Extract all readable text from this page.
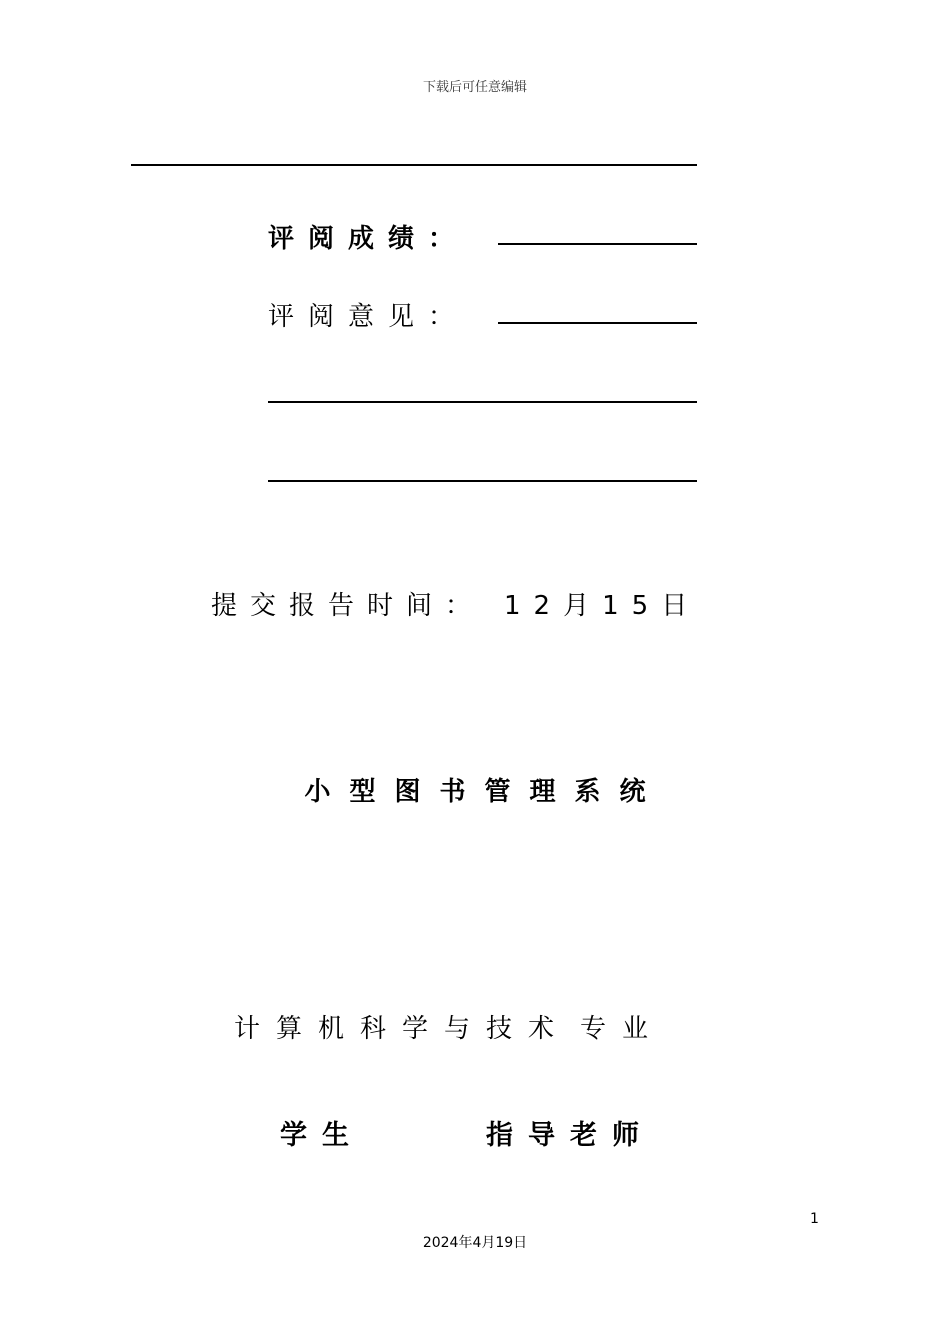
下载后可任意编辑
评阅成绩：
评阅意见：
提交报告时间： 12月15日
小型图书管理系统
计算机科学与技术 专业
学生	指导老师
1
2024年4月19日
